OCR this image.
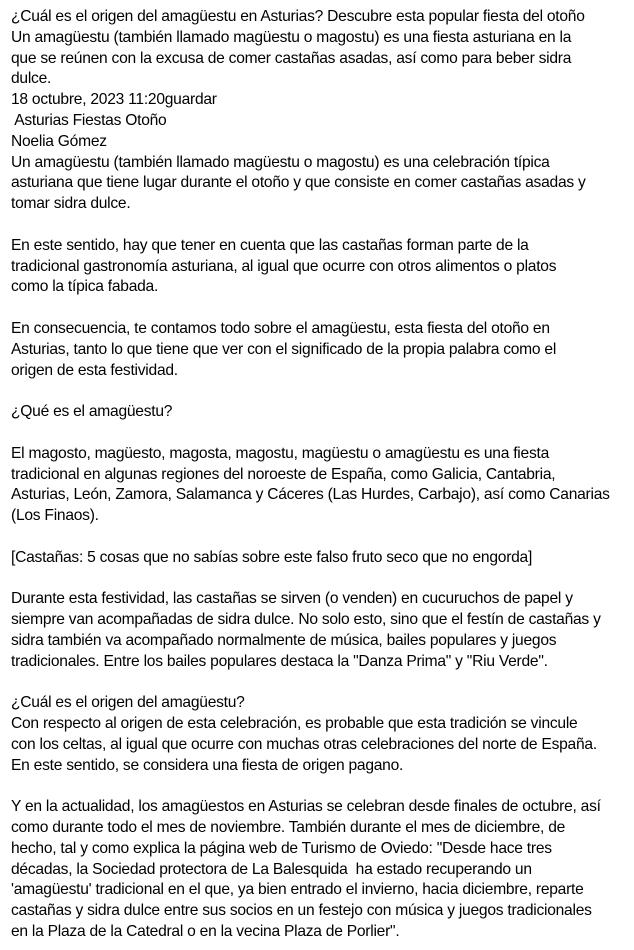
¿Cuál es el origen del amagüestu en Asturias? Descubre esta popular fiesta del otoño
Un amagüestu (también llamado magüestu o magostu) es una fiesta asturiana en la
que se reúnen con la excusa de comer castañas asadas, así como para beber sidra
dulce.
18 octubre, 2023 11:20guardar
Asturias Fiestas Otoño
Noelia Gómez
Un amagüestu (también llamado magüestu o magostu) es una celebración típica
asturiana que tiene lugar durante el otoño y que consiste en comer castañas asadas y
tomar sidra dulce.
En este sentido, hay que tener en cuenta que las castañas forman parte de la
tradicional gastronomía asturiana, al igual que ocurre con otros alimentos o platos
como la típica fabada.
En consecuencia, te contamos todo sobre el amagüestu, esta fiesta del otoño en
Asturias, tanto lo que tiene que ver con el significado de la propia palabra como el
origen de esta festividad.
¿Qué es el amagüestu?
El magosto, magüesto, magosta, magostu, magüestu o amagüestu es una fiesta
tradicional en algunas regiones del noroeste de España, como Galicia, Cantabria,
Asturias, León, Zamora, Salamanca y Cáceres (Las Hurdes, Carbajo), así como Canarias
(Los Finaos).
[Castañas: 5 cosas que no sabías sobre este falso fruto seco que no engorda]
Durante esta festividad, las castañas se sirven (o venden) en cucuruchos de papel y
siempre van acompañadas de sidra dulce. No solo esto, sino que el festín de castañas y
sidra también va acompañado normalmente de música, bailes populares y juegos
tradicionales. Entre los bailes populares destaca la "Danza Prima" y "Riu Verde".
¿Cuál es el origen del amagüestu?
Con respecto al origen de esta celebración, es probable que esta tradición se vincule
con los celtas, al igual que ocurre con muchas otras celebraciones del norte de España.
En este sentido, se considera una fiesta de origen pagano.
Y en la actualidad, los amagüestos en Asturias se celebran desde finales de octubre, así
como durante todo el mes de noviembre. También durante el mes de diciembre, de
hecho, tal y como explica la página web de Turismo de Oviedo: "Desde hace tres
décadas, la Sociedad protectora de La Balesquida  ha estado recuperando un
'amagüestu' tradicional en el que, ya bien entrado el invierno, hacia diciembre, reparte
castañas y sidra dulce entre sus socios en un festejo con música y juegos tradicionales
en la Plaza de la Catedral o en la vecina Plaza de Porlier".
